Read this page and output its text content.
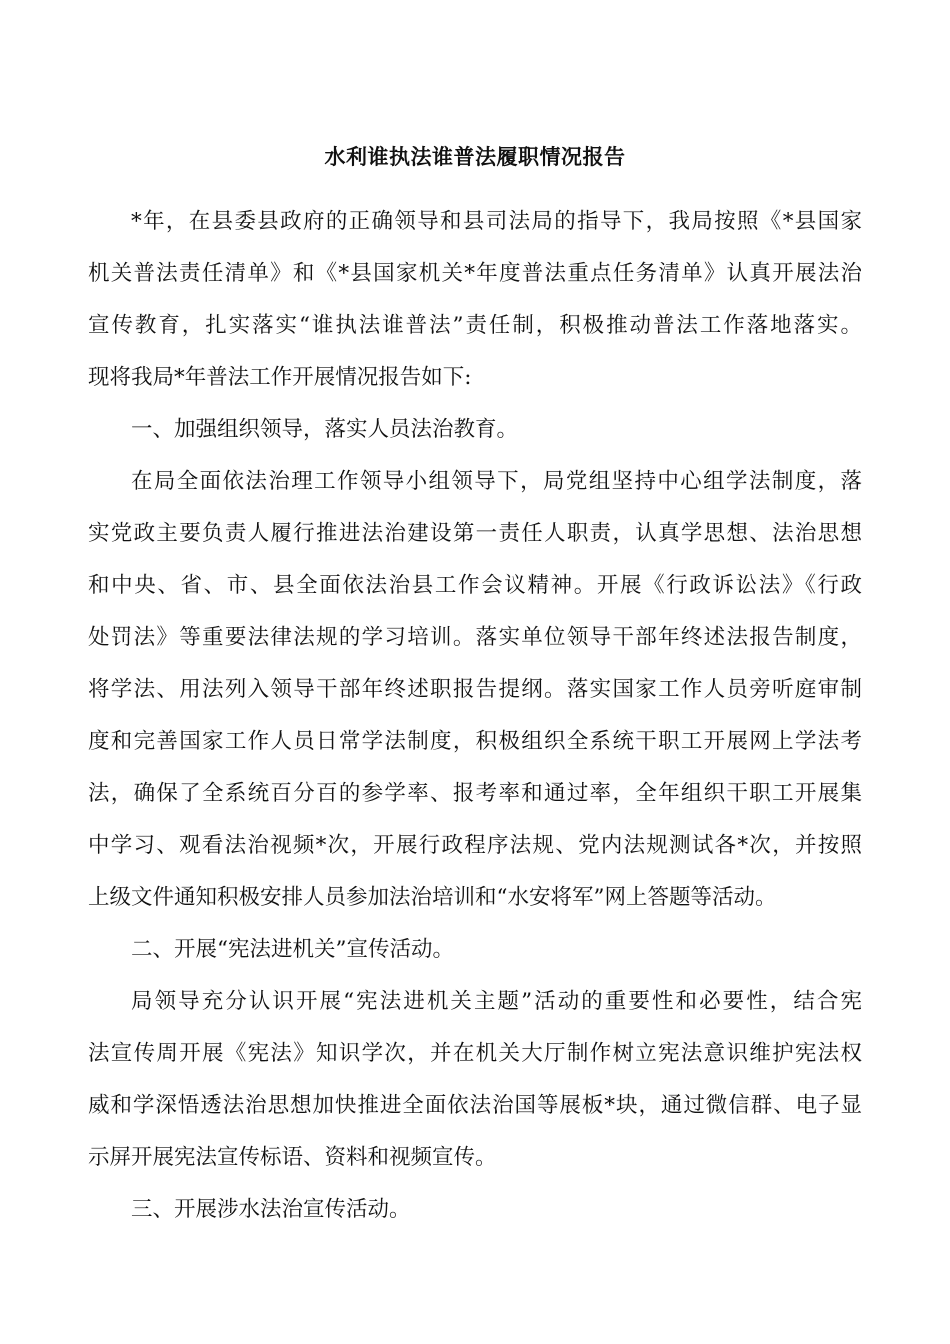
水利谁执法谁普法履职情况报告
*年，在县委县政府的正确领导和县司法局的指导下，我局按照《*县国家
机关普法责任清单》和《*县国家机关*年度普法重点任务清单》认真开展法治
宣传教育，扎实落实“谁执法谁普法”责任制，积极推动普法工作落地落实。
现将我局*年普法工作开展情况报告如下:
一、加强组织领导，落实人员法治教育。
在局全面依法治理工作领导小组领导下，局党组坚持中心组学法制度，落
实党政主要负责人履行推进法治建设第一责任人职责，认真学思想、法治思想
和中央、省、市、县全面依法治县工作会议精神。开展《行政诉讼法》《行政
处罚法》等重要法律法规的学习培训。落实单位领导干部年终述法报告制度，
将学法、用法列入领导干部年终述职报告提纲。落实国家工作人员旁听庭审制
度和完善国家工作人员日常学法制度，积极组织全系统干职工开展网上学法考
法，确保了全系统百分百的参学率、报考率和通过率，全年组织干职工开展集
中学习、观看法治视频*次，开展行政程序法规、党内法规测试各*次，并按照
上级文件通知积极安排人员参加法治培训和“水安将军”网上答题等活动。
二、开展“宪法进机关”宣传活动。
局领导充分认识开展“宪法进机关主题”活动的重要性和必要性，结合宪
法宣传周开展《宪法》知识学次，并在机关大厅制作树立宪法意识维护宪法权
威和学深悟透法治思想加快推进全面依法治国等展板*块，通过微信群、电子显
示屏开展宪法宣传标语、资料和视频宣传。
三、开展涉水法治宣传活动。
